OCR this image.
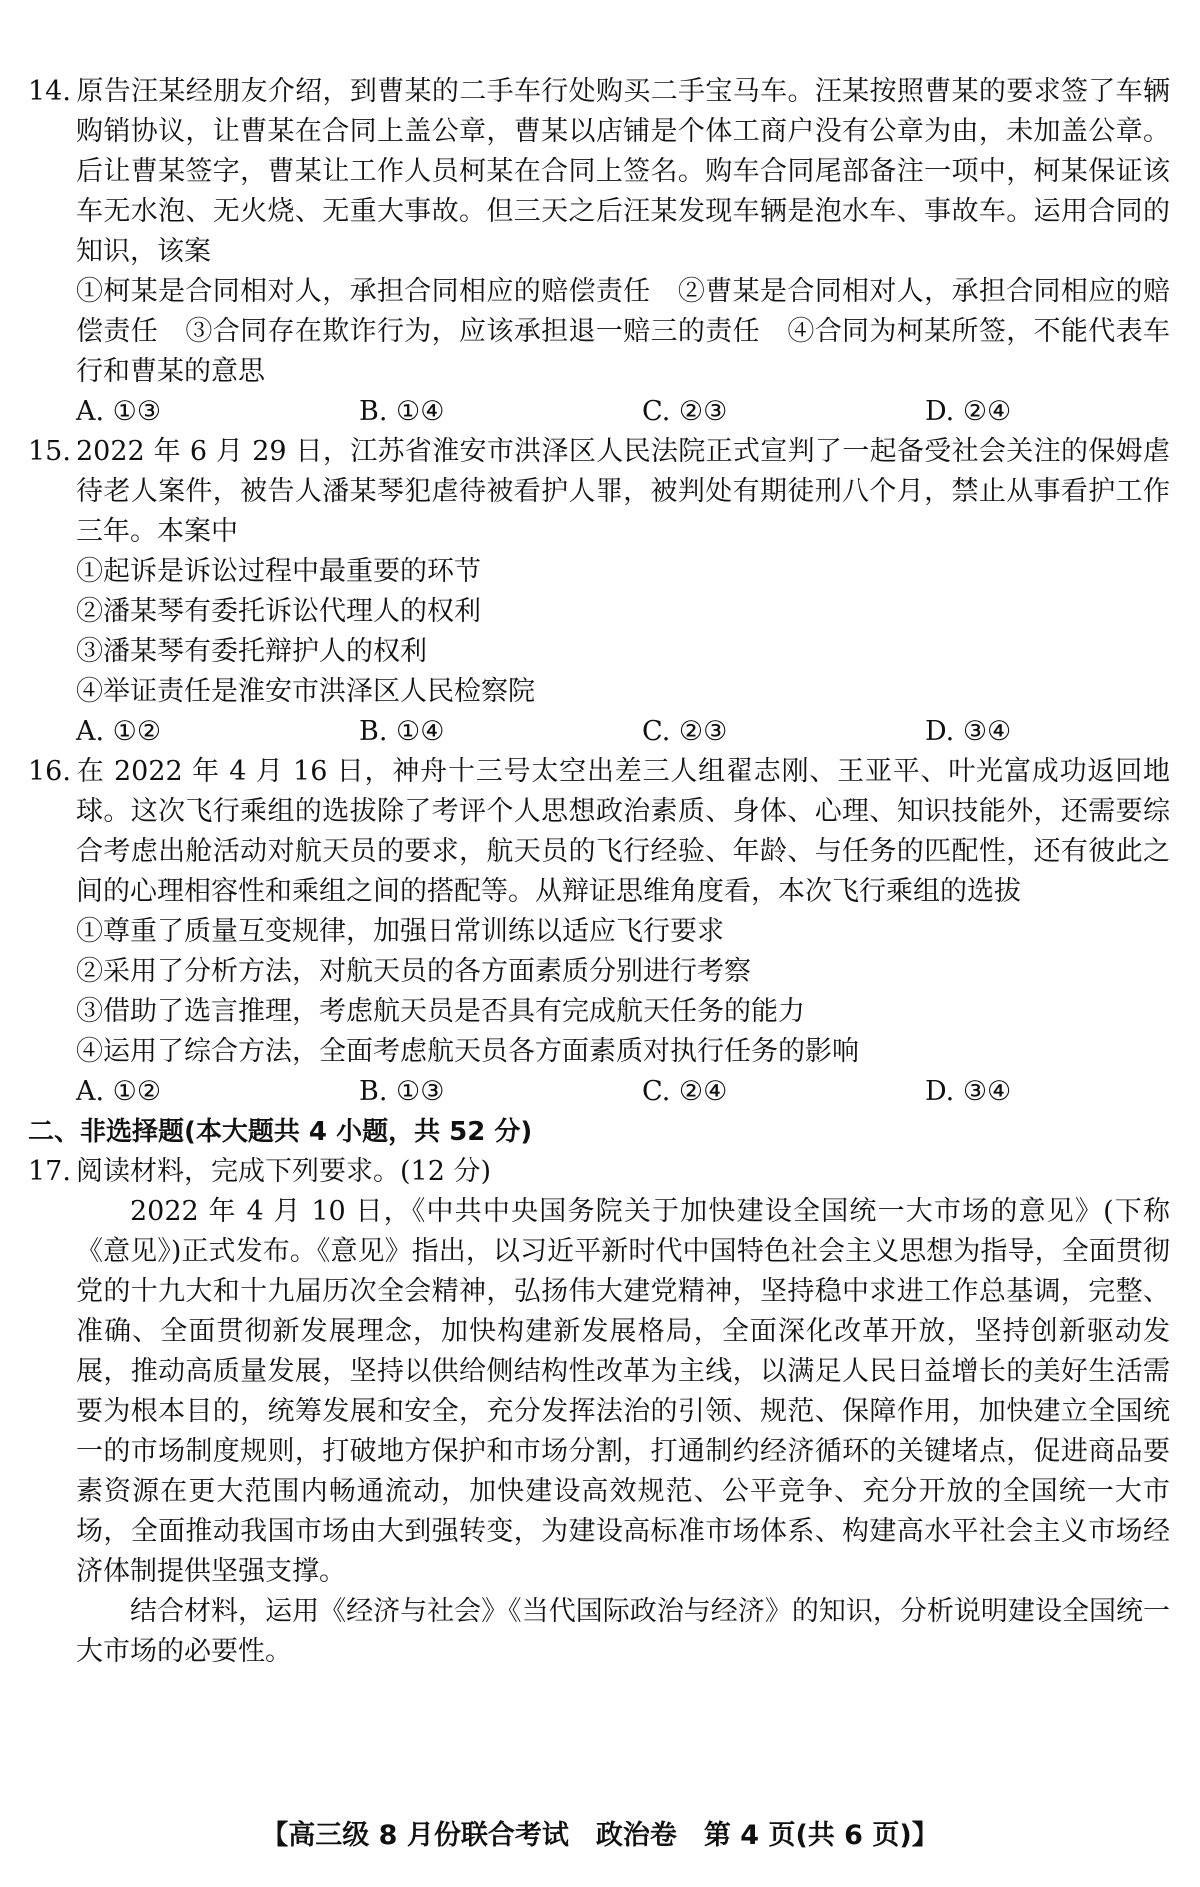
14. 原告汪某经朋友介绍，到曹某的二手车行处购买二手宝马车。汪某按照曹某的要求签了车辆购销协议，让曹某在合同上盖公章，曹某以店铺是个体工商户没有公章为由，未加盖公章。后让曹某签字，曹某让工作人员柯某在合同上签名。购车合同尾部备注一项中，柯某保证该车无水泡、无火烧、无重大事故。但三天之后汪某发现车辆是泡水车、事故车。运用合同的知识，该案

①柯某是合同相对人，承担合同相应的赔偿责任　②曹某是合同相对人，承担合同相应的赔偿责任　③合同存在欺诈行为，应该承担退一赔三的责任　④合同为柯某所签，不能代表车行和曹某的意思

A. ①③	B. ①④	C. ②③	D. ②④

15. 2022 年 6 月 29 日，江苏省淮安市洪泽区人民法院正式宣判了一起备受社会关注的保姆虐待老人案件，被告人潘某琴犯虐待被看护人罪，被判处有期徒刑八个月，禁止从事看护工作三年。本案中

①起诉是诉讼过程中最重要的环节

②潘某琴有委托诉讼代理人的权利

③潘某琴有委托辩护人的权利

④举证责任是淮安市洪泽区人民检察院

A. ①②	B. ①④	C. ②③	D. ③④

16. 在 2022 年 4 月 16 日，神舟十三号太空出差三人组翟志刚、王亚平、叶光富成功返回地球。这次飞行乘组的选拔除了考评个人思想政治素质、身体、心理、知识技能外，还需要综合考虑出舱活动对航天员的要求，航天员的飞行经验、年龄、与任务的匹配性，还有彼此之间的心理相容性和乘组之间的搭配等。从辩证思维角度看，本次飞行乘组的选拔

①尊重了质量互变规律，加强日常训练以适应飞行要求

②采用了分析方法，对航天员的各方面素质分别进行考察

③借助了选言推理，考虑航天员是否具有完成航天任务的能力

④运用了综合方法，全面考虑航天员各方面素质对执行任务的影响

A. ①②	B. ①③	C. ②④	D. ③④

二、非选择题(本大题共 4 小题，共 52 分)

17. 阅读材料，完成下列要求。(12 分)

2022 年 4 月 10 日，《中共中央国务院关于加快建设全国统一大市场的意见》(下称《意见》)正式发布。《意见》指出，以习近平新时代中国特色社会主义思想为指导，全面贯彻党的十九大和十九届历次全会精神，弘扬伟大建党精神，坚持稳中求进工作总基调，完整、准确、全面贯彻新发展理念，加快构建新发展格局，全面深化改革开放，坚持创新驱动发展，推动高质量发展，坚持以供给侧结构性改革为主线，以满足人民日益增长的美好生活需要为根本目的，统筹发展和安全，充分发挥法治的引领、规范、保障作用，加快建立全国统一的市场制度规则，打破地方保护和市场分割，打通制约经济循环的关键堵点，促进商品要素资源在更大范围内畅通流动，加快建设高效规范、公平竞争、充分开放的全国统一大市场，全面推动我国市场由大到强转变，为建设高标准市场体系、构建高水平社会主义市场经济体制提供坚强支撑。

结合材料，运用《经济与社会》《当代国际政治与经济》的知识，分析说明建设全国统一大市场的必要性。

【高三级 8 月份联合考试　政治卷　第 4 页(共 6 页)】
